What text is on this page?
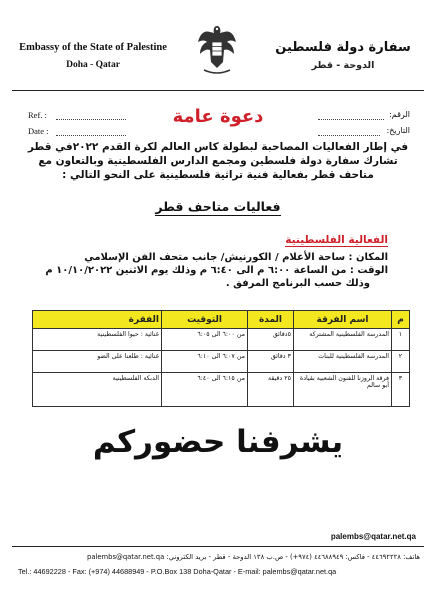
Embassy of the State of Palestine
Doha - Qatar
سفارة دولة فلسطين
الدوحة - قطر
Ref. :
Date :
الرقم:
التاريخ:
دعوة عامة
في إطار الفعاليات المصاحبة لبطولة كاس العالم لكرة القدم ٢٠٢٢في قطر تشارك سفارة دولة فلسطين ومجمع الدارس الفلسطينية وبالتعاون مع متاحف قطر بفعالية فنية تراثية فلسطينية على النحو التالي :
فعاليات متاحف قطر
الفعالية الفلسطينية
المكان : ساحة الأعلام / الكورنيش/ جانب متحف الفن الإسلامي
الوقت : من الساعة ٦:٠٠ م الى ٦:٤٠ م وذلك يوم الاثنين ١٠/١٠/٢٠٢٢ م
وذلك حسب البرنامج المرفق .
م	اسم الفرقة	المدة	التوقيت	الفقرة
١	المدرسة الفلسطينية المشتركة	٥دقائق	من ٦:٠٠ الى ٦:٠٥	غنائية : حيوا الفلسطينية
٢	المدرسة الفلسطينية للبنات	٣ دقائق	من ٦:٠٧ الى ٦:١٠	غنائية : طلعنا على الضو
٣	فرقة الروزنا للفنون الشعبية بقيادة أبو سالم	٢٥ دقيقة	من ٦:١٥ الى ٦:٤٠	الدبكة الفلسطينية
يشرفنا حضوركم
palembs@qatar.net.qa
هاتف: ٤٤٦٩٢٢٢٨ - فاكس: ٤٤٦٨٨٩٤٩ (٩٧٤+) - ص.ب ١٣٨ الدوحة - قطر - بريد الكتروني: palembs@qatar.net.qa
Tel.: 44692228 - Fax: (+974) 44688949 - P.O.Box 138 Doha-Qatar - E-mail: palembs@qatar.net.qa
